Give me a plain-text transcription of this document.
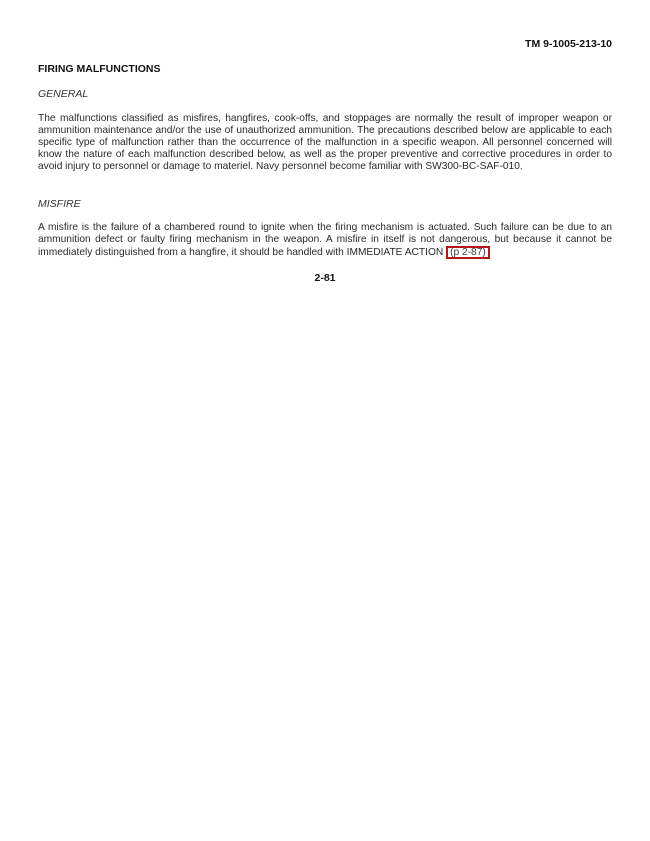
TM 9-1005-213-10
FIRING MALFUNCTIONS
GENERAL
The malfunctions classified as misfires, hangfires, cook-offs, and stoppages are normally the result of improper weapon or ammunition maintenance and/or the use of unauthorized ammunition. The precautions described below are applicable to each specific type of malfunction rather than the occurrence of the malfunction in a specific weapon. All personnel concerned will know the nature of each malfunction described below, as well as the proper preventive and corrective procedures in order to avoid injury to personnel or damage to materiel. Navy personnel become familiar with SW300-BC-SAF-010.
MISFIRE
A misfire is the failure of a chambered round to ignite when the firing mechanism is actuated. Such failure can be due to an ammunition defect or faulty firing mechanism in the weapon. A misfire in itself is not dangerous, but because it cannot be immediately distinguished from a hangfire, it should be handled with IMMEDIATE ACTION (p 2-87)
2-81
